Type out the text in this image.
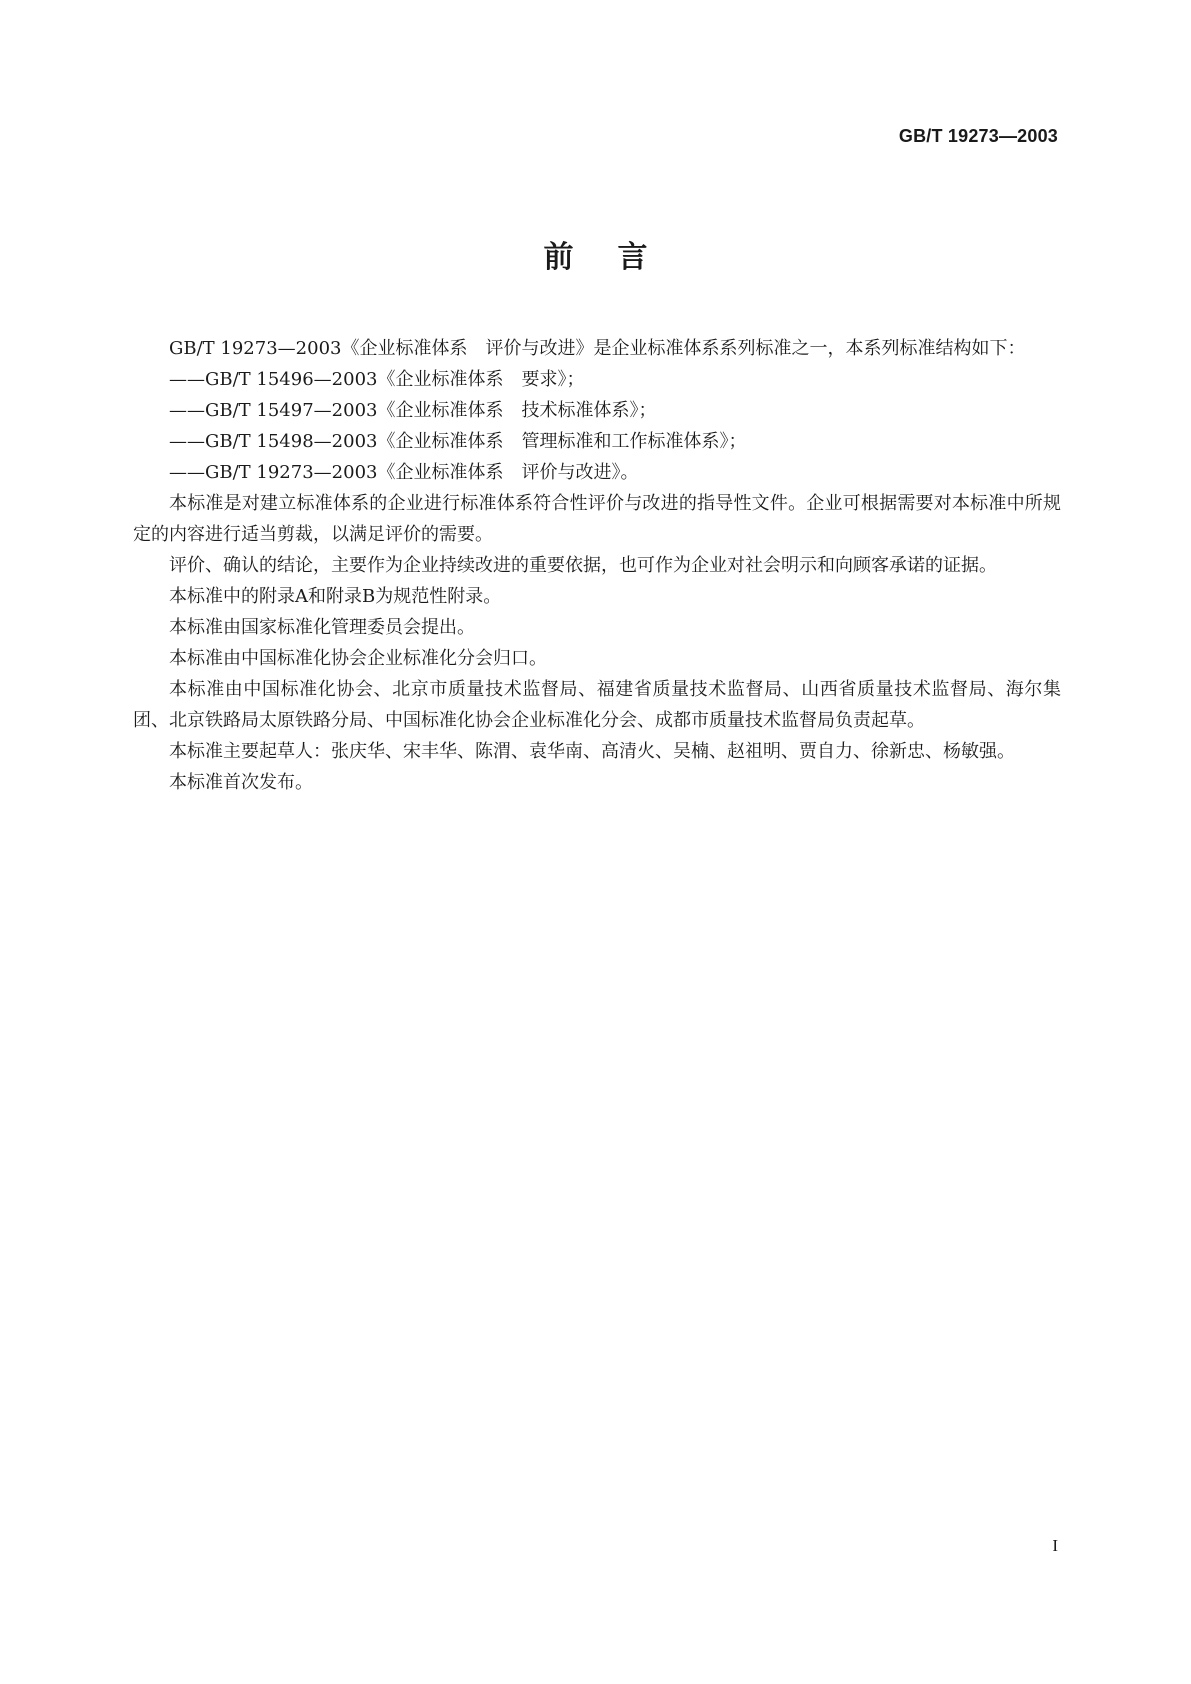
GB/T 19273—2003
前言

GB/T 19273—2003《企业标准体系　评价与改进》是企业标准体系系列标准之一，本系列标准结构如下：

——GB/T 15496—2003《企业标准体系　要求》；

——GB/T 15497—2003《企业标准体系　技术标准体系》；

——GB/T 15498—2003《企业标准体系　管理标准和工作标准体系》；

——GB/T 19273—2003《企业标准体系　评价与改进》。

本标准是对建立标准体系的企业进行标准体系符合性评价与改进的指导性文件。企业可根据需要对本标准中所规定的内容进行适当剪裁，以满足评价的需要。

评价、确认的结论，主要作为企业持续改进的重要依据，也可作为企业对社会明示和向顾客承诺的证据。

本标准中的附录A和附录B为规范性附录。

本标准由国家标准化管理委员会提出。

本标准由中国标准化协会企业标准化分会归口。

本标准由中国标准化协会、北京市质量技术监督局、福建省质量技术监督局、山西省质量技术监督局、海尔集团、北京铁路局太原铁路分局、中国标准化协会企业标准化分会、成都市质量技术监督局负责起草。

本标准主要起草人：张庆华、宋丰华、陈渭、袁华南、高清火、吴楠、赵祖明、贾自力、徐新忠、杨敏强。

本标准首次发布。

I
